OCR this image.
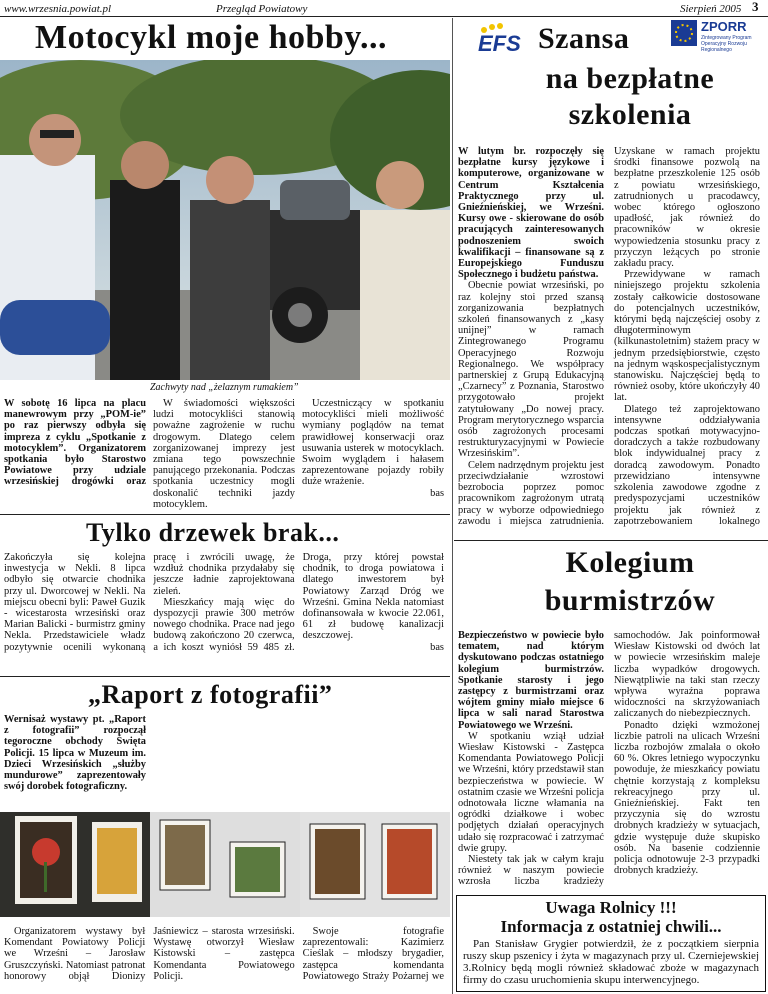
www.wrzesnia.powiat.pl	Przegląd Powiatowy	Sierpień 2005 3
Motocykl moje hobby...
Zachwyty nad „żelaznym rumakiem”

W sobotę 16 lipca na placu manewrowym przy „POM-ie” po raz pierwszy odbyła się impreza z cyklu „Spotkanie z motocyklem”. Organizatorem spotkania było Starostwo Powiatowe przy udziale wrzesińskiej drogówki oraz

W świadomości większości ludzi motocykliści stanowią poważne zagrożenie w ruchu drogowym. Dlatego celem zorganizowanej imprezy jest zmiana tego powszechnie panującego przekonania. Podczas spotkania uczestnicy mogli doskonalić techniki jazdy motocyklem.

Uczestniczący w spotkaniu motocykliści mieli możliwość wymiany poglądów na temat prawidłowej konserwacji oraz usuwania usterek w motocyklach. Swoim wyglądem i hałasem zaprezentowane pojazdy robiły duże wrażenie.

bas
Tylko drzewek brak...

Zakończyła się kolejna inwestycja w Nekli. 8 lipca odbyło się otwarcie chodnika przy ul. Dworcowej w Nekli. Na miejscu obecni byli: Paweł Guzik - wicestarosta wrzesiński oraz Marian Balicki - burmistrz gminy Nekla. Przedstawiciele władz pozytywnie ocenili wykonaną pracę i zwrócili uwagę, że wzdłuż chodnika przydałaby się jeszcze ładnie zaprojektowana zieleń.

Mieszkańcy mają więc do dyspozycji prawie 300 metrów nowego chodnika. Prace nad jego budową zakończono 20 czerwca, a ich koszt wyniósł 59 485 zł. Droga, przy której powstał chodnik, to droga powiatowa i dlatego inwestorem był Powiatowy Zarząd Dróg we Wrześni. Gmina Nekla natomiast dofinansowała w kwocie 22.061, 61 zł budowę kanalizacji deszczowej.

bas
„Raport z fotografii”

Wernisaż wystawy pt. „Raport z fotografii” rozpoczął tegoroczne obchody Święta Policji. 15 lipca w Muzeum im. Dzieci Wrzesińskich „służby mundurowe” zaprezentowały swój dorobek fotograficzny.

Organizatorem wystawy był Komendant Powiatowy Policji we Wrześni – Jarosław Gruszczyński. Natomiast patronat honorowy objął Dionizy Jaśniewicz – starosta wrzesiński. Wystawę otworzył Wiesław Kistowski – zastępca Komendanta Powiatowego Policji.

Swoje fotografie zaprezentowali: Kazimierz Cieślak – młodszy brygadier, zastępca komendanta Powiatowego Straży Pożarnej we

EFS
ZPORR
Zintegrowany Program Operacyjny Rozwoju Regionalnego
Szansa
na bezpłatne
szkolenia

W lutym br. rozpoczęły się bezpłatne kursy językowe i komputerowe, organizowane w Centrum Kształcenia Praktycznego przy ul. Gnieźnieńskiej, we Wrześni. Kursy owe - skierowane do osób pracujących zainteresowanych podnoszeniem swoich kwalifikacji – finansowane są z Europejskiego Funduszu Społecznego i budżetu państwa.

Obecnie powiat wrzesiński, po raz kolejny stoi przed szansą zorganizowania bezpłatnych szkoleń finansowanych z „kasy unijnej” w ramach Zintegrowanego Programu Operacyjnego Rozwoju Regionalnego. We współpracy partnerskiej z Grupą Edukacyjną „Czarnecy” z Poznania, Starostwo przygotowało projekt zatytułowany „Do nowej pracy. Program merytorycznego wsparcia osób zagrożonych procesami restrukturyzacyjnymi w Powiecie Wrzesińskim”.

Celem nadrzędnym projektu jest przeciwdziałanie wzrostowi bezrobocia poprzez pomoc pracownikom zagrożonym utratą pracy w wyborze odpowiedniego zawodu i miejsca zatrudnienia. Uzyskane w ramach projektu środki finansowe pozwolą na bezpłatne przeszkolenie 125 osób z powiatu wrzesińskiego, zatrudnionych u pracodawcy, wobec którego ogłoszono upadłość, jak również do pracowników w okresie wypowiedzenia stosunku pracy z przyczyn leżących po stronie zakładu pracy.

Przewidywane w ramach niniejszego projektu szkolenia zostały całkowicie dostosowane do potencjalnych uczestników, którymi będą najczęściej osoby z długoterminowym (kilkunastoletnim) stażem pracy w jednym przedsiębiorstwie, często na jednym wąskospecjalistycznym stanowisku. Najczęściej będą to również osoby, które ukończyły 40 lat.

Dlatego też zaprojektowano intensywne oddziaływania podczas spotkań motywacyjno-doradczych a także rozbudowany blok indywidualnej pracy z doradcą zawodowym. Ponadto przewidziano intensywne szkolenia zawodowe zgodne z predyspozycjami uczestników projektu jak również z zapotrzebowaniem lokalnego

Kolegium
burmistrzów

Bezpieczeństwo w powiecie było tematem, nad którym dyskutowano podczas ostatniego kolegium burmistrzów. Spotkanie starosty i jego zastępcy z burmistrzami oraz wójtem gminy miało miejsce 6 lipca w sali narad Starostwa Powiatowego we Wrześni.

W spotkaniu wziął udział Wiesław Kistowski - Zastępca Komendanta Powiatowego Policji we Wrześni, który przedstawił stan bezpieczeństwa w powiecie. W ostatnim czasie we Wrześni policja odnotowała liczne włamania na ogródki działkowe i wobec podjętych działań operacyjnych udało się rozpracować i zatrzymać dwie grupy.

Niestety tak jak w całym kraju również w naszym powiecie wzrosła liczba kradzieży samochodów. Jak poinformował Wiesław Kistowski od dwóch lat w powiecie wrzesińskim maleje liczba wypadków drogowych. Niewątpliwie na taki stan rzeczy wpływa wyraźna poprawa widoczności na skrzyżowaniach zaliczanych do niebezpiecznych.

Ponadto dzięki wzmożonej liczbie patroli na ulicach Wrześni liczba rozbojów zmalała o około 60 %. Okres letniego wypoczynku powoduje, że mieszkańcy powiatu chętnie korzystają z kompleksu rekreacyjnego przy ul. Gnieźnieńskiej. Fakt ten przyczynia się do wzrostu drobnych kradzieży w sytuacjach, gdzie występuje duże skupisko osób. Na basenie codziennie policja odnotowuje 2-3 przypadki drobnych kradzieży.

Uwaga Rolnicy !!!
Informacja z ostatniej chwili...
Pan Stanisław Grygier potwierdził, że z początkiem sierpnia ruszy skup pszenicy i żyta w magazynach przy ul. Czerniejewskiej 3.Rolnicy będą mogli również składować zboże w magazynach firmy do czasu uruchomienia skupu interwencyjnego.
